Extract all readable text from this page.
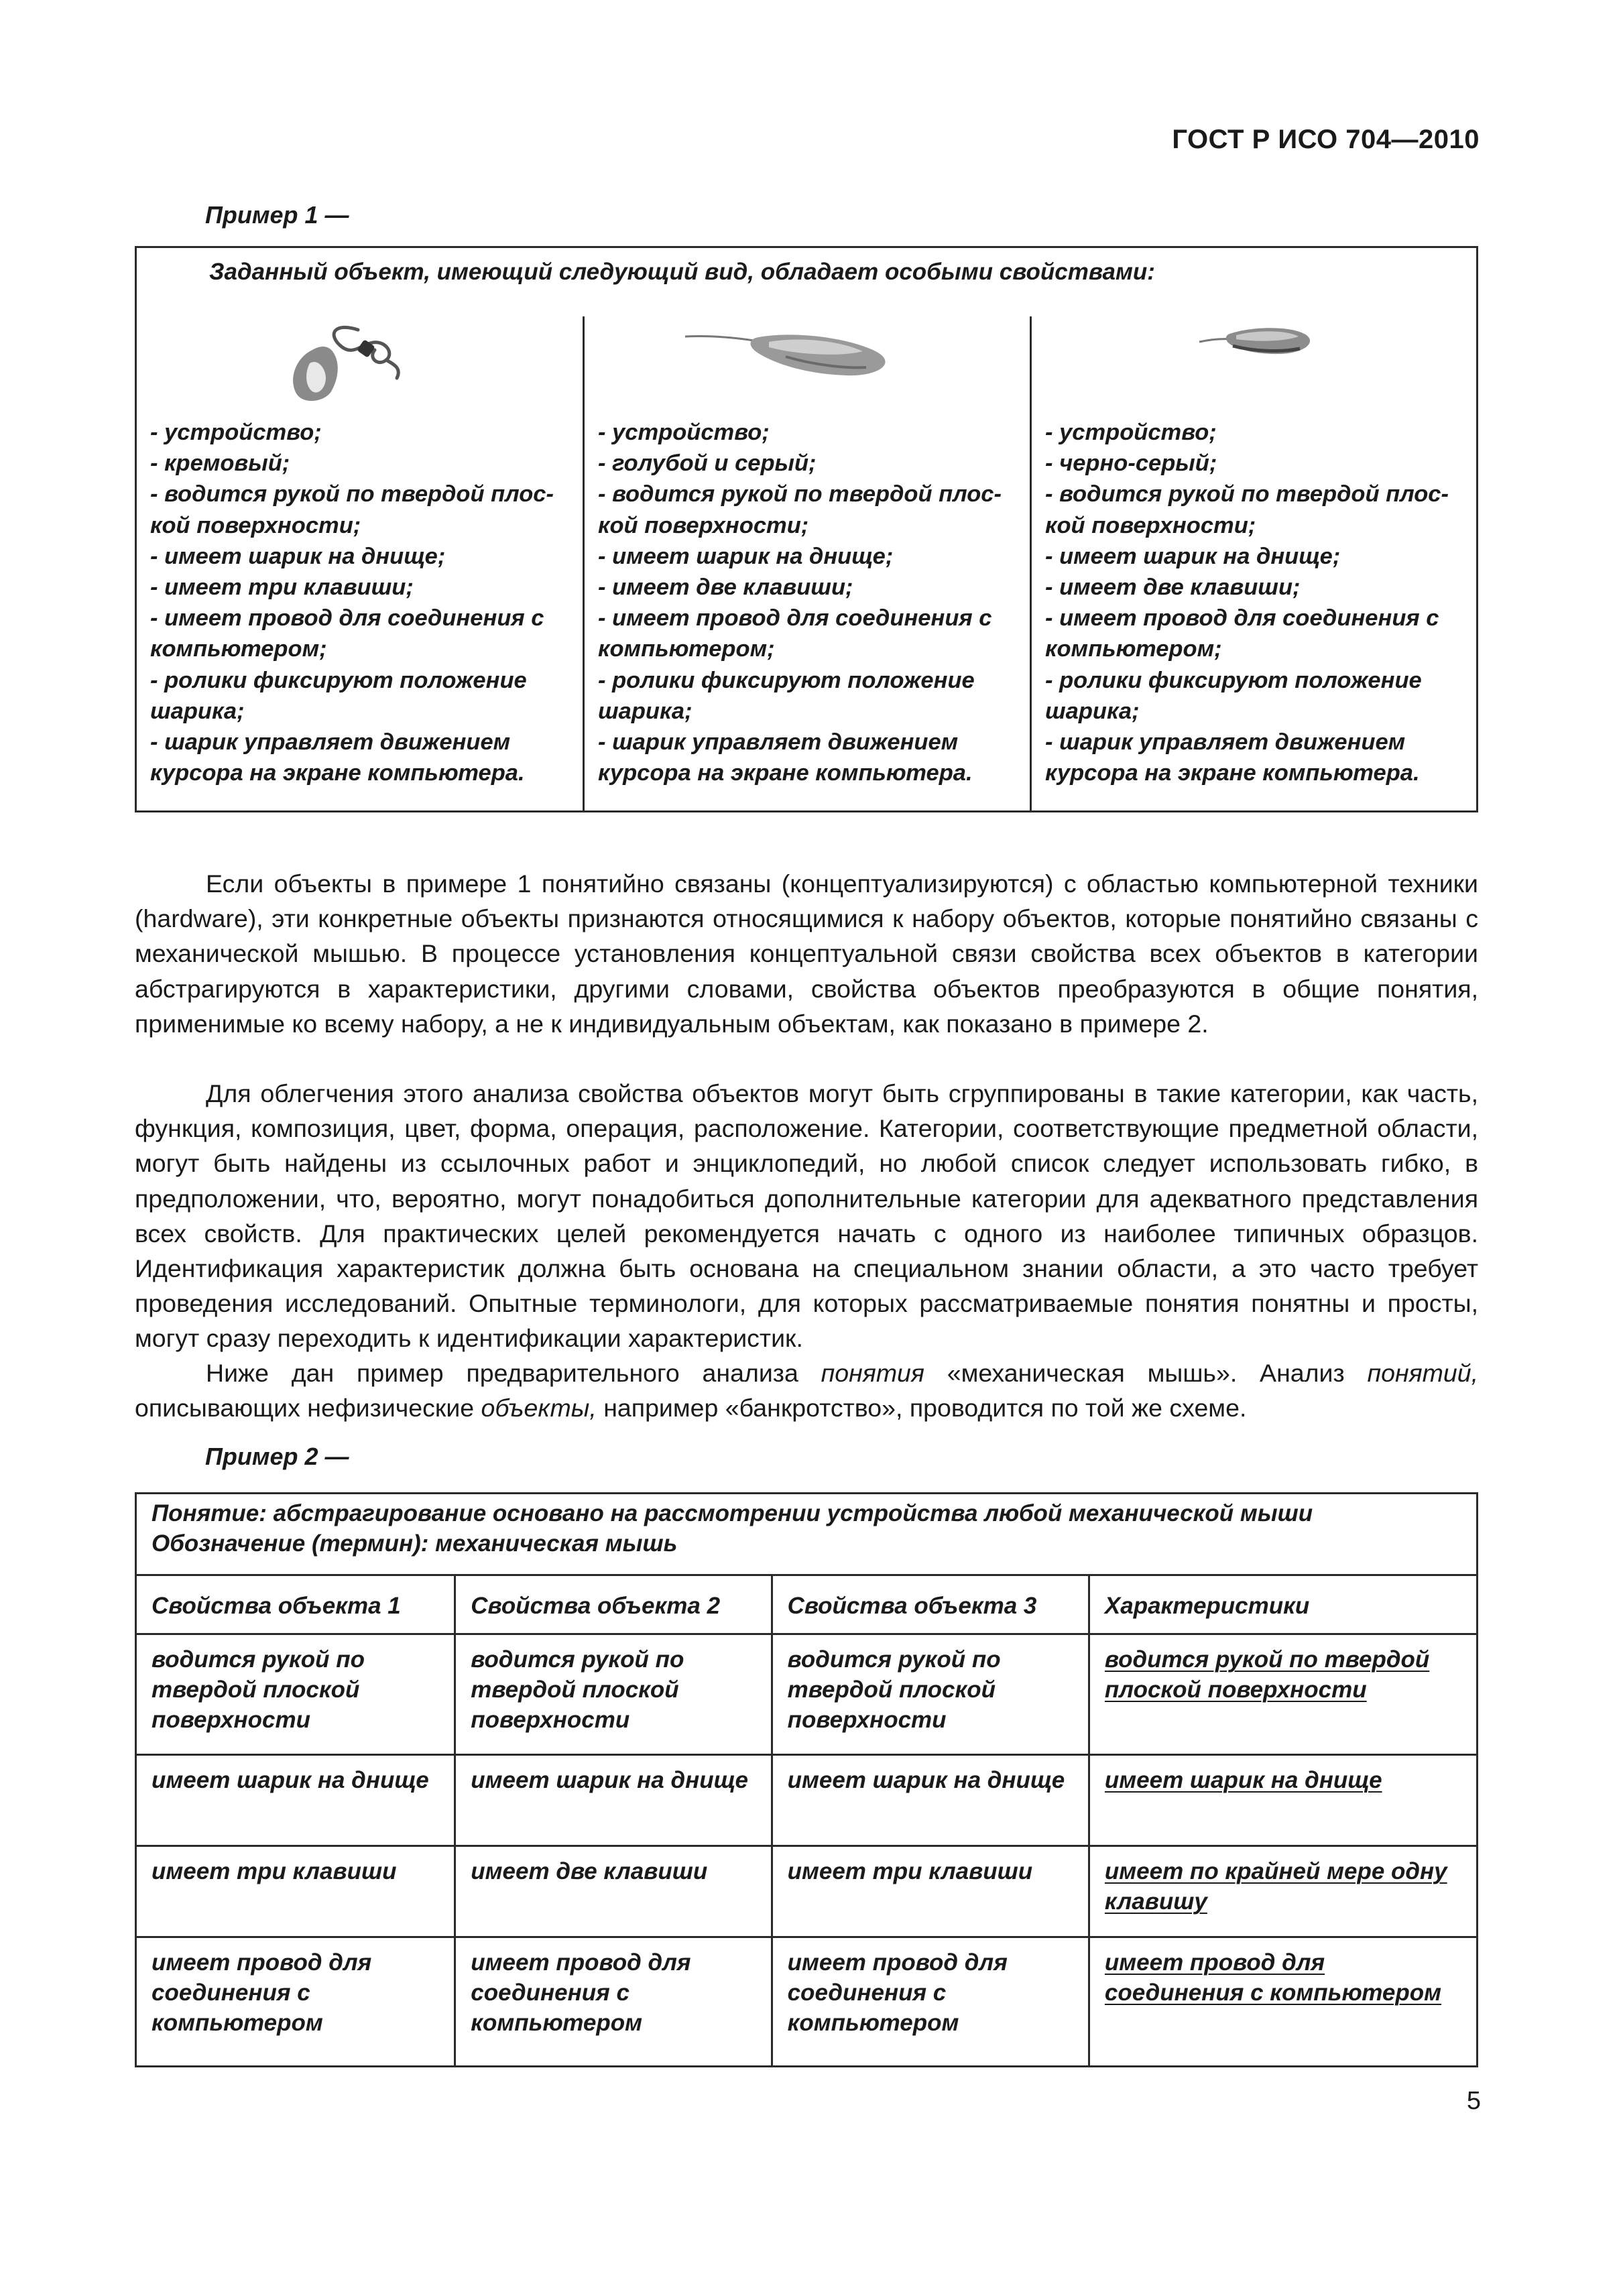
ГОСТ Р ИСО 704—2010
Пример 1 —
Заданный объект, имеющий следующий вид, обладает особыми свойствами:
- устройство;
- кремовый;
- водится рукой по твердой плос-
кой поверхности;
- имеет шарик на днище;
- имеет три клавиши;
- имеет провод для соединения с
компьютером;
- ролики фиксируют положение
шарика;
- шарик управляет движением
курсора на экране компьютера.
- устройство;
- голубой и серый;
- водится рукой по твердой плос-
кой поверхности;
- имеет шарик на днище;
- имеет две клавиши;
- имеет провод для соединения с
компьютером;
- ролики фиксируют положение
шарика;
- шарик управляет движением
курсора на экране компьютера.
- устройство;
- черно-серый;
- водится рукой по твердой плос-
кой поверхности;
- имеет шарик на днище;
- имеет две клавиши;
- имеет провод для соединения с
компьютером;
- ролики фиксируют положение
шарика;
- шарик управляет движением
курсора на экране компьютера.

Если объекты в примере 1 понятийно связаны (концептуализируются) с областью компьютерной техники (hardware), эти конкретные объекты признаются относящимися к набору объектов, которые понятийно связаны с механической мышью. В процессе установления концептуальной связи свойства всех объектов в категории абстрагируются в характеристики, другими словами, свойства объектов преобразуются в общие понятия, применимые ко всему набору, а не к индивидуальным объектам, как показано в примере 2.

Для облегчения этого анализа свойства объектов могут быть сгруппированы в такие категории, как часть, функция, композиция, цвет, форма, операция, расположение. Категории, соответствующие предметной области, могут быть найдены из ссылочных работ и энциклопедий, но любой список следует использовать гибко, в предположении, что, вероятно, могут понадобиться дополнительные категории для адекватного представления всех свойств. Для практических целей рекомендуется начать с одного из наиболее типичных образцов. Идентификация характеристик должна быть основана на специальном знании области, а это часто требует проведения исследований. Опытные терминологи, для которых рассматриваемые понятия понятны и просты, могут сразу переходить к идентификации характеристик.

Ниже дан пример предварительного анализа понятия «механическая мышь». Анализ понятий, описывающих нефизические объекты, например «банкротство», проводится по той же схеме.

Пример 2 —
Понятие: абстрагирование основано на рассмотрении устройства любой механической мыши
Обозначение (термин): механическая мышь			

Свойства объекта 1	Свойства объекта 2	Свойства объекта 3	Характеристики
водится рукой по твердой плоской поверхности	водится рукой по твердой плоской поверхности	водится рукой по твердой плоской поверхности	водится рукой по твердой плоской поверхности
имеет шарик на днище	имеет шарик на днище	имеет шарик на днище	имеет шарик на днище
имеет три клавиши	имеет две клавиши	имеет три клавиши	имеет по крайней мере одну клавишу
имеет провод для соединения с компьютером	имеет провод для соединения с компьютером	имеет провод для соединения с компьютером	имеет провод для соединения с компьютером
5
